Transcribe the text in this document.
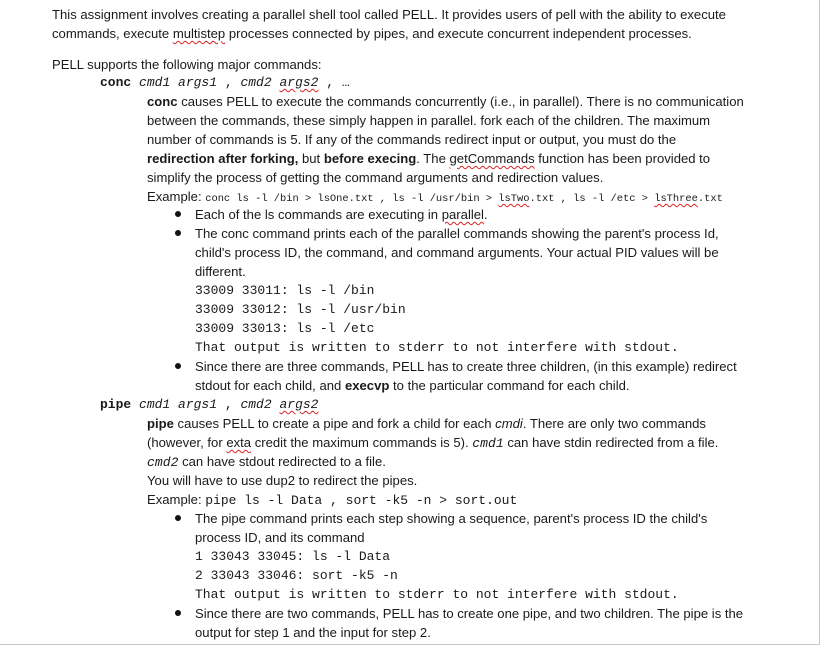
This assignment involves creating a parallel shell tool called PELL. It provides users of pell with the ability to execute
commands, execute multistep processes connected by pipes, and execute concurrent independent processes.
PELL supports the following major commands:
conc cmd1 args1 , cmd2 args2 , …
conc causes PELL to execute the commands concurrently (i.e., in parallel). There is no communication
between the commands, these simply happen in parallel. fork each of the children. The maximum
number of commands is 5. If any of the commands redirect input or output, you must do the
redirection after forking, but before execing. The getCommands function has been provided to
simplify the process of getting the command arguments and redirection values.
Example: conc ls -l /bin > lsOne.txt , ls -l /usr/bin > lsTwo.txt , ls -l /etc > lsThree.txt
Each of the ls commands are executing in parallel.
The conc command prints each of the parallel commands showing the parent's process Id,
child's process ID, the command, and command arguments. Your actual PID values will be
different.
33009 33011: ls -l /bin
33009 33012: ls -l /usr/bin
33009 33013: ls -l /etc
That output is written to stderr to not interfere with stdout.
Since there are three commands, PELL has to create three children, (in this example) redirect
stdout for each child, and execvp to the particular command for each child.
pipe cmd1 args1 , cmd2 args2
pipe causes PELL to create a pipe and fork a child for each cmdi. There are only two commands
(however, for exta credit the maximum commands is 5). cmd1 can have stdin redirected from a file.
cmd2 can have stdout redirected to a file.
You will have to use dup2 to redirect the pipes.
Example: pipe ls -l Data , sort -k5 -n > sort.out
The pipe command prints each step showing a sequence, parent's process ID the child's
process ID, and its command
1 33043 33045: ls -l Data
2 33043 33046: sort -k5 -n
That output is written to stderr to not interfere with stdout.
Since there are two commands, PELL has to create one pipe, and two children. The pipe is the
output for step 1 and the input for step 2.
